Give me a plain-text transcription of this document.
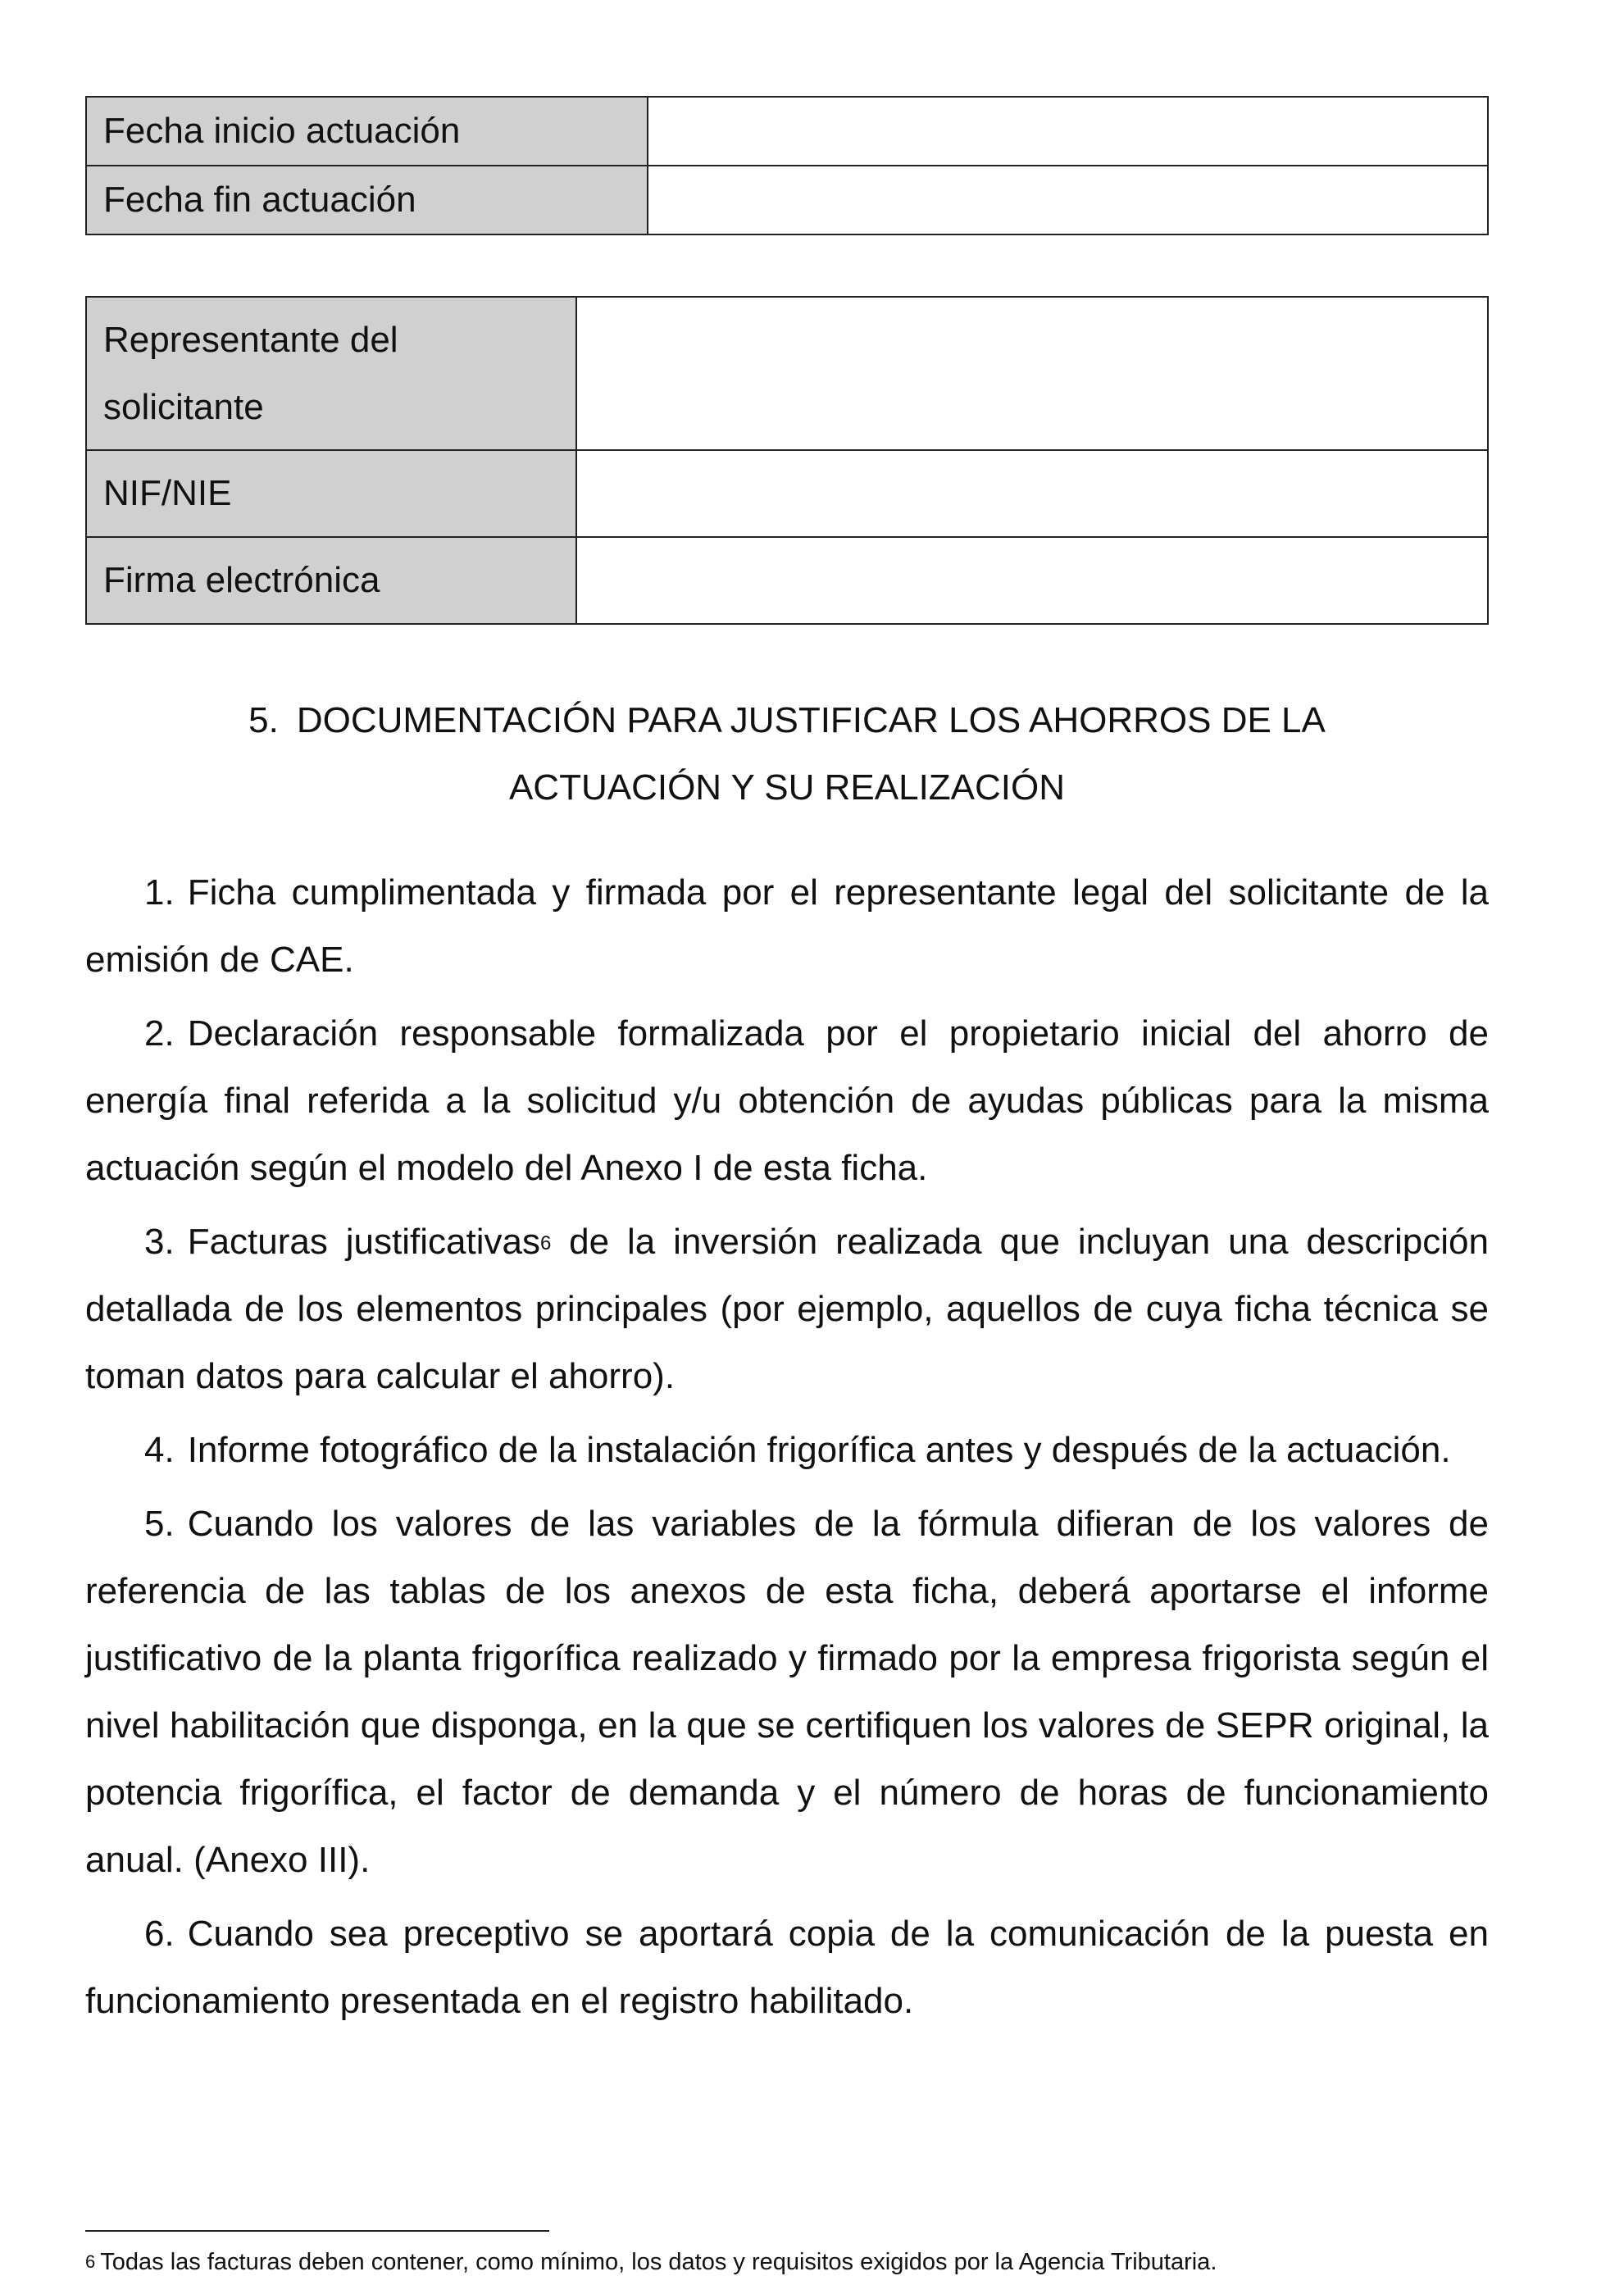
Fecha inicio actuación	
Fecha fin actuación	
Representante del solicitante	
NIF/NIE	
Firma electrónica	
5. DOCUMENTACIÓN PARA JUSTIFICAR LOS AHORROS DE LA
ACTUACIÓN Y SU REALIZACIÓN

1. Ficha cumplimentada y firmada por el representante legal del solicitante de la emisión de CAE.

2. Declaración responsable formalizada por el propietario inicial del ahorro de energía final referida a la solicitud y/u obtención de ayudas públicas para la misma actuación según el modelo del Anexo I de esta ficha.

3. Facturas justificativas$^6$ de la inversión realizada que incluyan una descripción detallada de los elementos principales (por ejemplo, aquellos de cuya ficha técnica se toman datos para calcular el ahorro).

4. Informe fotográfico de la instalación frigorífica antes y después de la actuación.

5. Cuando los valores de las variables de la fórmula difieran de los valores de referencia de las tablas de los anexos de esta ficha, deberá aportarse el informe justificativo de la planta frigorífica realizado y firmado por la empresa frigorista según el nivel habilitación que disponga, en la que se certifiquen los valores de SEPR original, la potencia frigorífica, el factor de demanda y el número de horas de funcionamiento anual. (Anexo III).

6. Cuando sea preceptivo se aportará copia de la comunicación de la puesta en funcionamiento presentada en el registro habilitado.

$^6$ Todas las facturas deben contener, como mínimo, los datos y requisitos exigidos por la Agencia Tributaria.
